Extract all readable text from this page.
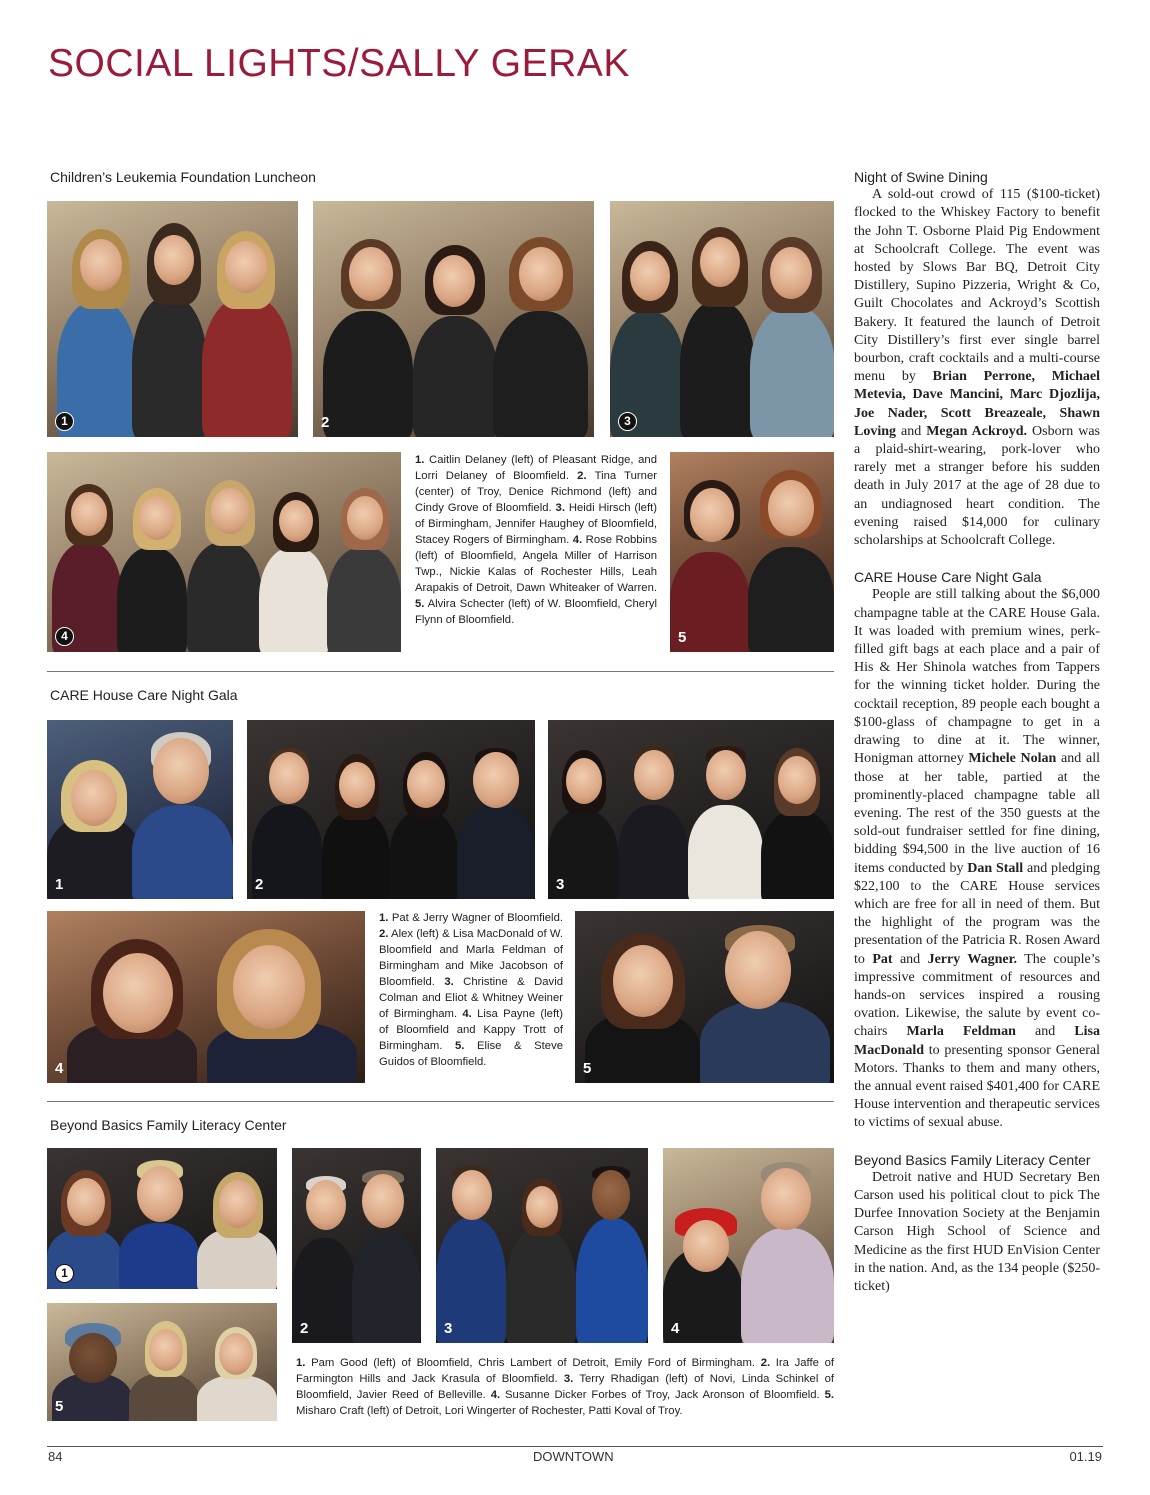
SOCIAL LIGHTS/SALLY GERAK
Children’s Leukemia Foundation Luncheon
1	2	3
4
1. Caitlin Delaney (left) of Pleasant Ridge, and Lorri Delaney of Bloomfield. 2. Tina Turner (center) of Troy, Denice Richmond (left) and Cindy Grove of Bloomfield. 3. Heidi Hirsch (left) of Birmingham, Jennifer Haughey of Bloomfield, Stacey Rogers of Birmingham. 4. Rose Robbins (left) of Bloomfield, Angela Miller of Harrison Twp., Nickie Kalas of Rochester Hills, Leah Arapakis of Detroit, Dawn Whiteaker of Warren. 5. Alvira Schecter (left) of W. Bloomfield, Cheryl Flynn of Bloomfield.
5
CARE House Care Night Gala
1	2	3
4
1. Pat & Jerry Wagner of Bloomfield. 2. Alex (left) & Lisa MacDonald of W. Bloomfield and Marla Feldman of Birmingham and Mike Jacobson of Bloomfield. 3. Christine & David Colman and Eliot & Whitney Weiner of Birmingham. 4. Lisa Payne (left) of Bloomfield and Kappy Trott of Birmingham. 5. Elise & Steve Guidos of Bloomfield.	5
Beyond Basics Family Literacy Center
1
5
2	3	4
1. Pam Good (left) of Bloomfield, Chris Lambert of Detroit, Emily Ford of Birmingham. 2. Ira Jaffe of Farmington Hills and Jack Krasula of Bloomfield. 3. Terry Rhadigan (left) of Novi, Linda Schinkel of Bloomfield, Javier Reed of Belleville. 4. Susanne Dicker Forbes of Troy, Jack Aronson of Bloomfield. 5. Misharo Craft (left) of Detroit, Lori Wingerter of Rochester, Patti Koval of Troy.
Night of Swine Dining

A sold-out crowd of 115 ($100-ticket) flocked to the Whiskey Factory to benefit the John T. Osborne Plaid Pig Endowment at Schoolcraft College. The event was hosted by Slows Bar BQ, Detroit City Distillery, Supino Pizzeria, Wright & Co, Guilt Chocolates and Ackroyd’s Scottish Bakery. It featured the launch of Detroit City Distillery’s first ever single barrel bourbon, craft cocktails and a multi-course menu by Brian Perrone, Michael Metevia, Dave Mancini, Marc Djozlija, Joe Nader, Scott Breazeale, Shawn Loving and Megan Ackroyd. Osborn was a plaid-shirt-wearing, pork-lover who rarely met a stranger before his sudden death in July 2017 at the age of 28 due to an undiagnosed heart condition. The evening raised $14,000 for culinary scholarships at Schoolcraft College.

CARE House Care Night Gala

People are still talking about the $6,000 champagne table at the CARE House Gala. It was loaded with premium wines, perk-filled gift bags at each place and a pair of His & Her Shinola watches from Tappers for the winning ticket holder. During the cocktail reception, 89 people each bought a $100-glass of champagne to get in a drawing to dine at it. The winner, Honigman attorney Michele Nolan and all those at her table, partied at the prominently-placed champagne table all evening. The rest of the 350 guests at the sold-out fundraiser settled for fine dining, bidding $94,500 in the live auction of 16 items conducted by Dan Stall and pledging $22,100 to the CARE House services which are free for all in need of them. But the highlight of the program was the presentation of the Patricia R. Rosen Award to Pat and Jerry Wagner. The couple’s impressive commitment of resources and hands-on services inspired a rousing ovation. Likewise, the salute by event co-chairs Marla Feldman and Lisa MacDonald to presenting sponsor General Motors. Thanks to them and many others, the annual event raised $401,400 for CARE House intervention and therapeutic services to victims of sexual abuse.

Beyond Basics Family Literacy Center

Detroit native and HUD Secretary Ben Carson used his political clout to pick The Durfee Innovation Society at the Benjamin Carson High School of Science and Medicine as the first HUD EnVision Center in the nation. And, as the 134 people ($250-ticket)

84	DOWNTOWN	01.19
